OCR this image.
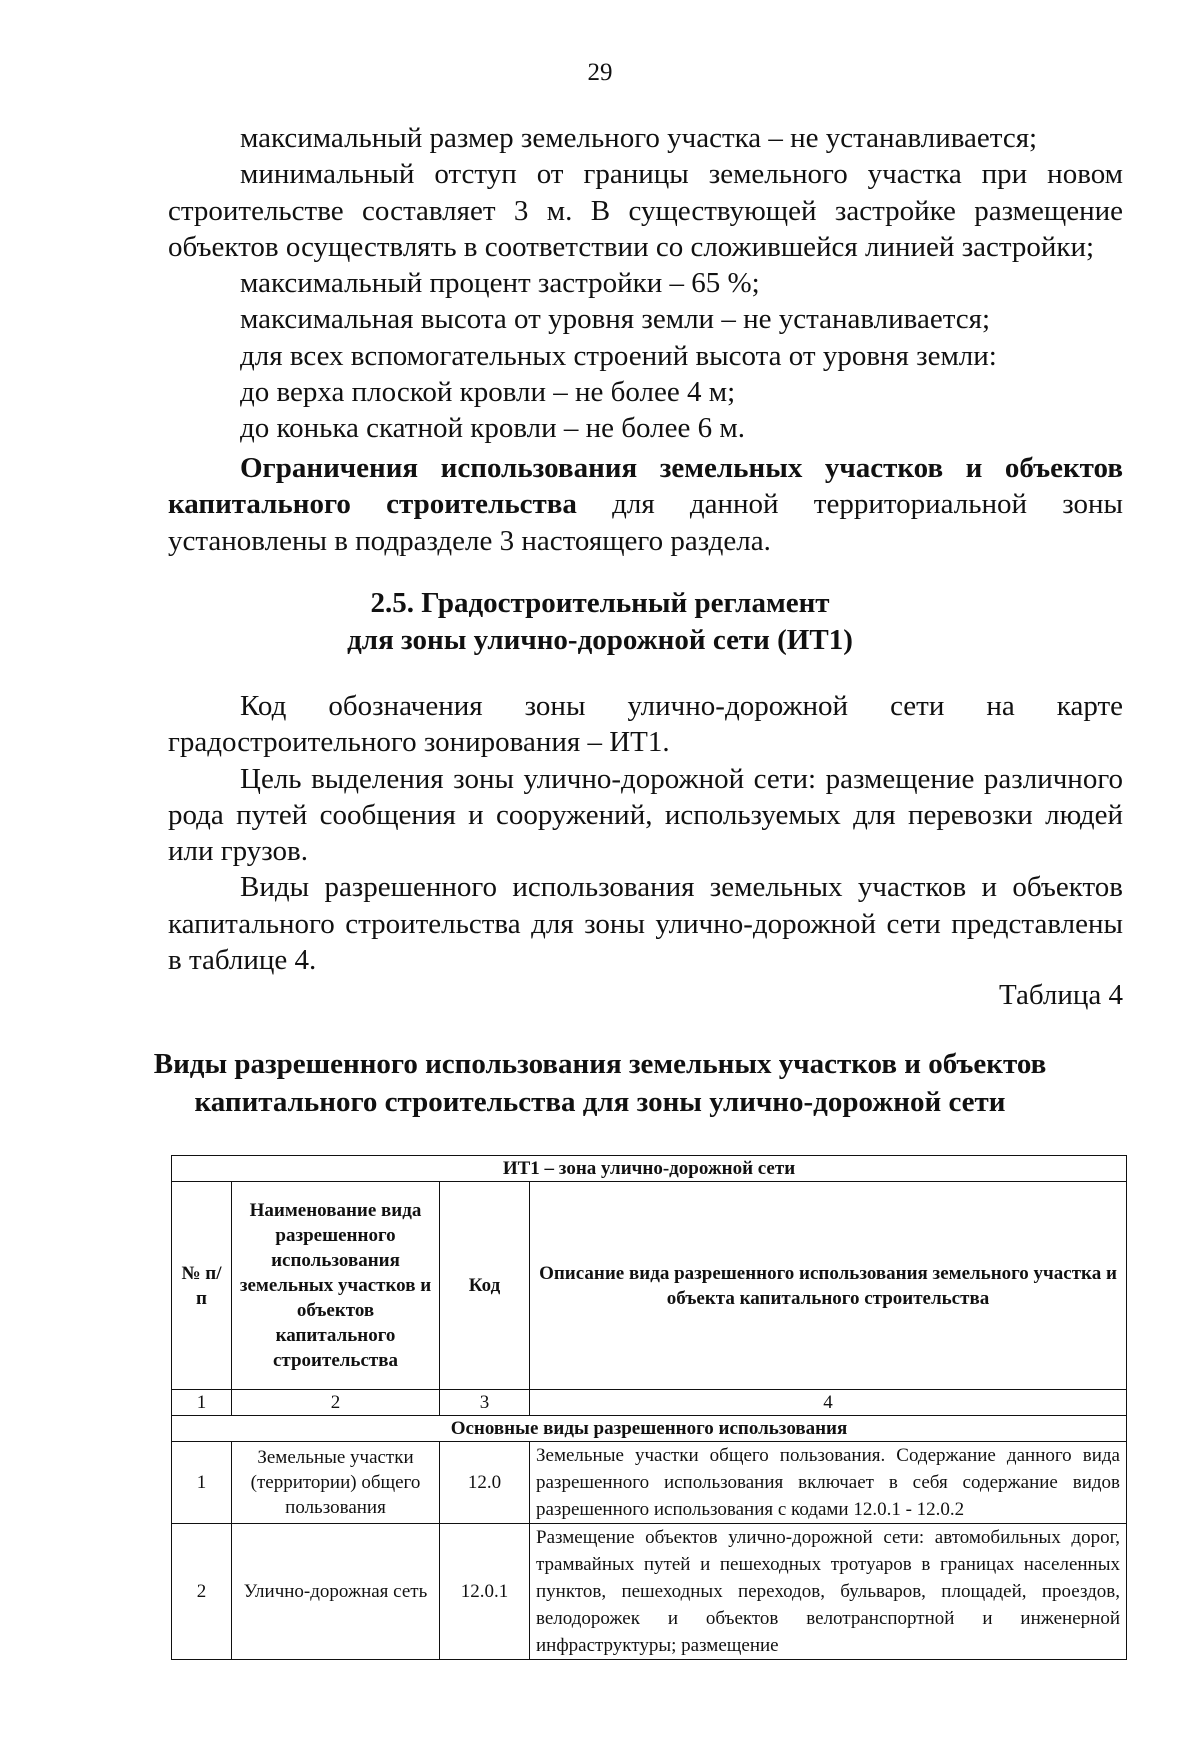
29

максимальный размер земельного участка – не устанавливается;

минимальный отступ от границы земельного участка при новом строительстве составляет 3 м. В существующей застройке размещение объектов осуществлять в соответствии со сложившейся линией застройки;

максимальный процент застройки – 65 %;

максимальная высота от уровня земли – не устанавливается;

для всех вспомогательных строений высота от уровня земли:

до верха плоской кровли – не более 4 м;

до конька скатной кровли – не более 6 м.

Ограничения использования земельных участков и объектов капитального строительства для данной территориальной зоны установлены в подразделе 3 настоящего раздела.

2.5. Градостроительный регламент
для зоны улично-дорожной сети (ИТ1)

Код обозначения зоны улично-дорожной сети на карте градостроительного зонирования – ИТ1.

Цель выделения зоны улично-дорожной сети: размещение различного рода путей сообщения и сооружений, используемых для перевозки людей или грузов.

Виды разрешенного использования земельных участков и объектов капитального строительства для зоны улично-дорожной сети представлены в таблице 4.

Таблица 4
Виды разрешенного использования земельных участков и объектов
капитального строительства для зоны улично-дорожной сети
ИТ1 – зона улично-дорожной сети			
№ п/п	Наименование вида разрешенного использования земельных участков и объектов капитального строительства	Код	Описание вида разрешенного использования земельного участка и объекта капитального строительства
1	2	3	4
Основные виды разрешенного использования			
1	Земельные участки (территории) общего пользования	12.0	Земельные участки общего пользования. Содержание данного вида разрешенного использования включает в себя содержание видов разрешенного использования с кодами 12.0.1 - 12.0.2
2	Улично-дорожная сеть	12.0.1	Размещение объектов улично-дорожной сети: автомобильных дорог, трамвайных путей и пешеходных тротуаров в границах населенных пунктов, пешеходных переходов, бульваров, площадей, проездов, велодорожек и объектов велотранспортной и инженерной инфраструктуры; размещение
